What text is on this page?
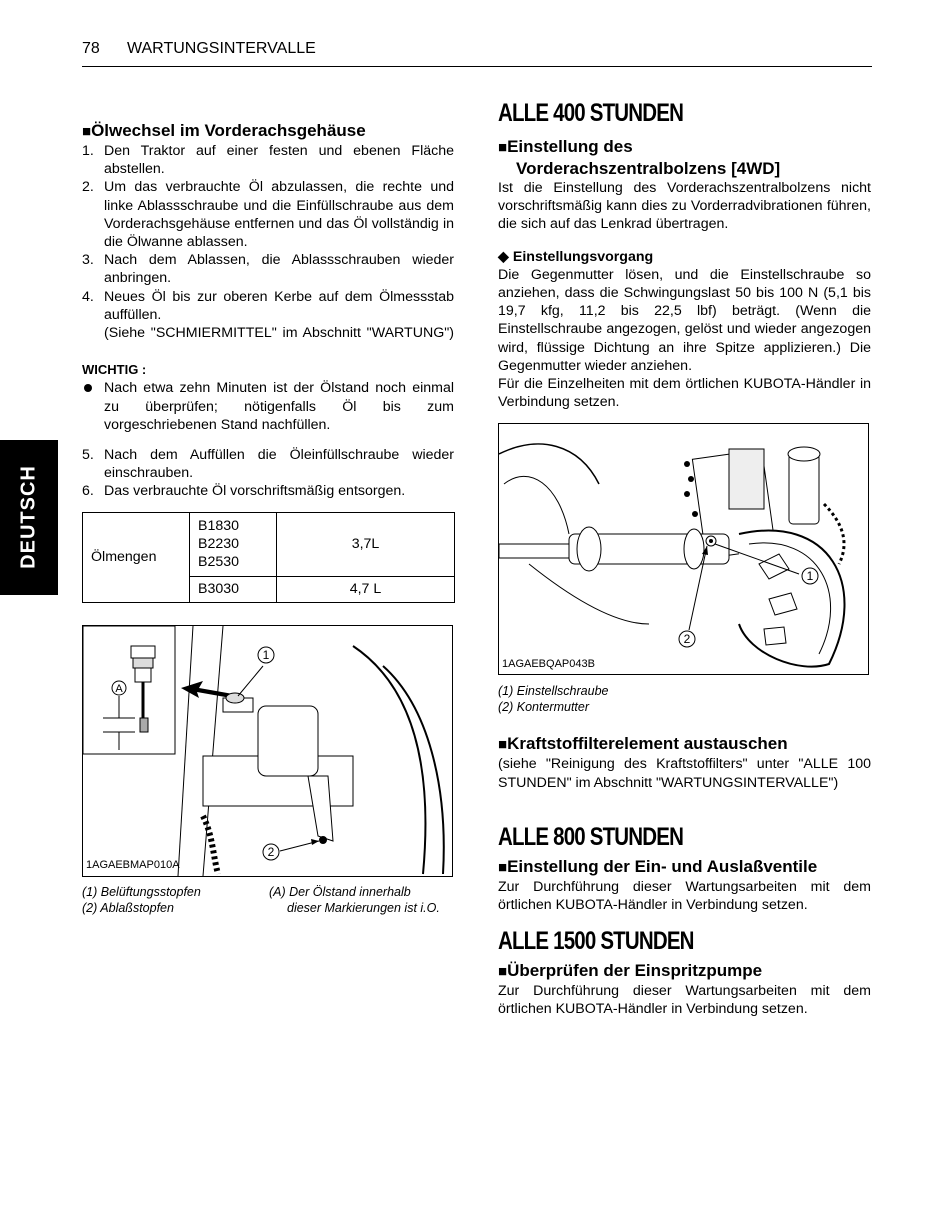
78 WARTUNGSINTERVALLE
DEUTSCH
■Ölwechsel im Vorderachsgehäuse
1. Den Traktor auf einer festen und ebenen Fläche abstellen.
2. Um das verbrauchte Öl abzulassen, die rechte und linke Ablassschraube und die Einfüllschraube aus dem Vorderachsgehäuse entfernen und das Öl vollständig in die Ölwanne ablassen.
3. Nach dem Ablassen, die Ablassschrauben wieder anbringen.
4. Neues Öl bis zur oberen Kerbe auf dem Ölmessstab auffüllen.

(Siehe "SCHMIERMITTEL" im Abschnitt "WARTUNG")
WICHTIG :
Nach etwa zehn Minuten ist der Ölstand noch einmal zu überprüfen; nötigenfalls Öl bis zum vorgeschriebenen Stand nachfüllen.
5. Nach dem Auffüllen die Öleinfüllschraube wieder einschrauben.
6. Das verbrauchte Öl vorschriftsmäßig entsorgen.
Ölmengen	B1830
B2230
B2530	3,7L
	B3030	4,7 L
A
1
2
1AGAEBMAP010A
(1) Belüftungsstopfen
(2) Ablaßstopfen
(A) Der Ölstand innerhalb
dieser Markierungen ist i.O.
ALLE 400 STUNDEN
■Einstellung des
Vorderachszentralbolzens [4WD]

Ist die Einstellung des Vorderachszentralbolzens nicht vorschriftsmäßig kann dies zu Vorderradvibrationen führen, die sich auf das Lenkrad übertragen.

◆ Einstellungsvorgang

Die Gegenmutter lösen, und die Einstellschraube so anziehen, dass die Schwingungslast 50 bis 100 N (5,1 bis 19,7 kfg, 11,2 bis 22,5 lbf) beträgt. (Wenn die Einstellschraube angezogen, gelöst und wieder angezogen wird, flüssige Dichtung an ihre Spitze applizieren.) Die Gegenmutter wieder anziehen.

Für die Einzelheiten mit dem örtlichen KUBOTA-Händler in Verbindung setzen.

1
2
1AGAEBQAP043B
(1) Einstellschraube
(2) Kontermutter
■Kraftstoffilterelement austauschen

(siehe "Reinigung des Kraftstoffilters" unter "ALLE 100 STUNDEN" im Abschnitt "WARTUNGSINTERVALLE")

ALLE 800 STUNDEN
■Einstellung der Ein- und Auslaßventile

Zur Durchführung dieser Wartungsarbeiten mit dem örtlichen KUBOTA-Händler in Verbindung setzen.

ALLE 1500 STUNDEN
■Überprüfen der Einspritzpumpe

Zur Durchführung dieser Wartungsarbeiten mit dem örtlichen KUBOTA-Händler in Verbindung setzen.
